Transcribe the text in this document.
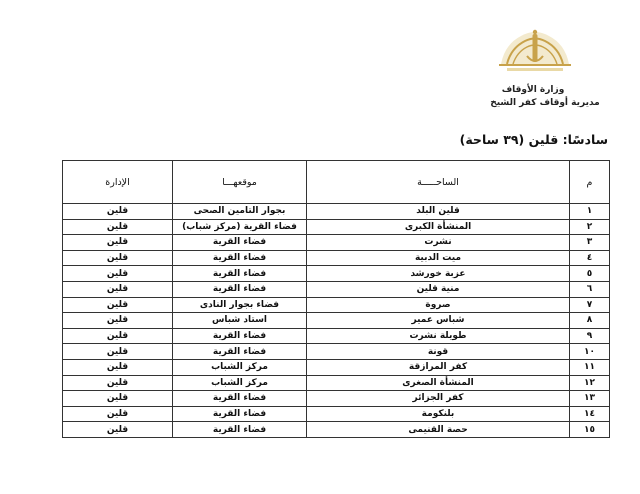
وزارة الأوقاف
مديرية أوقاف كفر الشيخ
سادسًا: قلين (٣٩ ساحة)
م	الساحـــــة	موقعهـــا	الإدارة
١	قلين البلد	بجوار التامين الصحى	قلين
٢	المنشأة الكبرى	فضاء القرية (مركز شباب)	قلين
٣	نشرت	فضاء القرية	قلين
٤	ميت الدبية	فضاء القرية	قلين
٥	عزبة خورشد	فضاء القرية	قلين
٦	منية قلين	فضاء القرية	قلين
٧	صروة	فضاء بجوار النادى	قلين
٨	شباس عمير	استاد شباس	قلين
٩	طويلة نشرت	فضاء القرية	قلين
١٠	قونة	فضاء القرية	قلين
١١	كفر المرازقة	مركز الشباب	قلين
١٢	المنشأة الصغرى	مركز الشباب	قلين
١٣	كفر الجزائر	فضاء القرية	قلين
١٤	بلنكومة	فضاء القرية	قلين
١٥	حصة القنيمى	فضاء القرية	قلين
